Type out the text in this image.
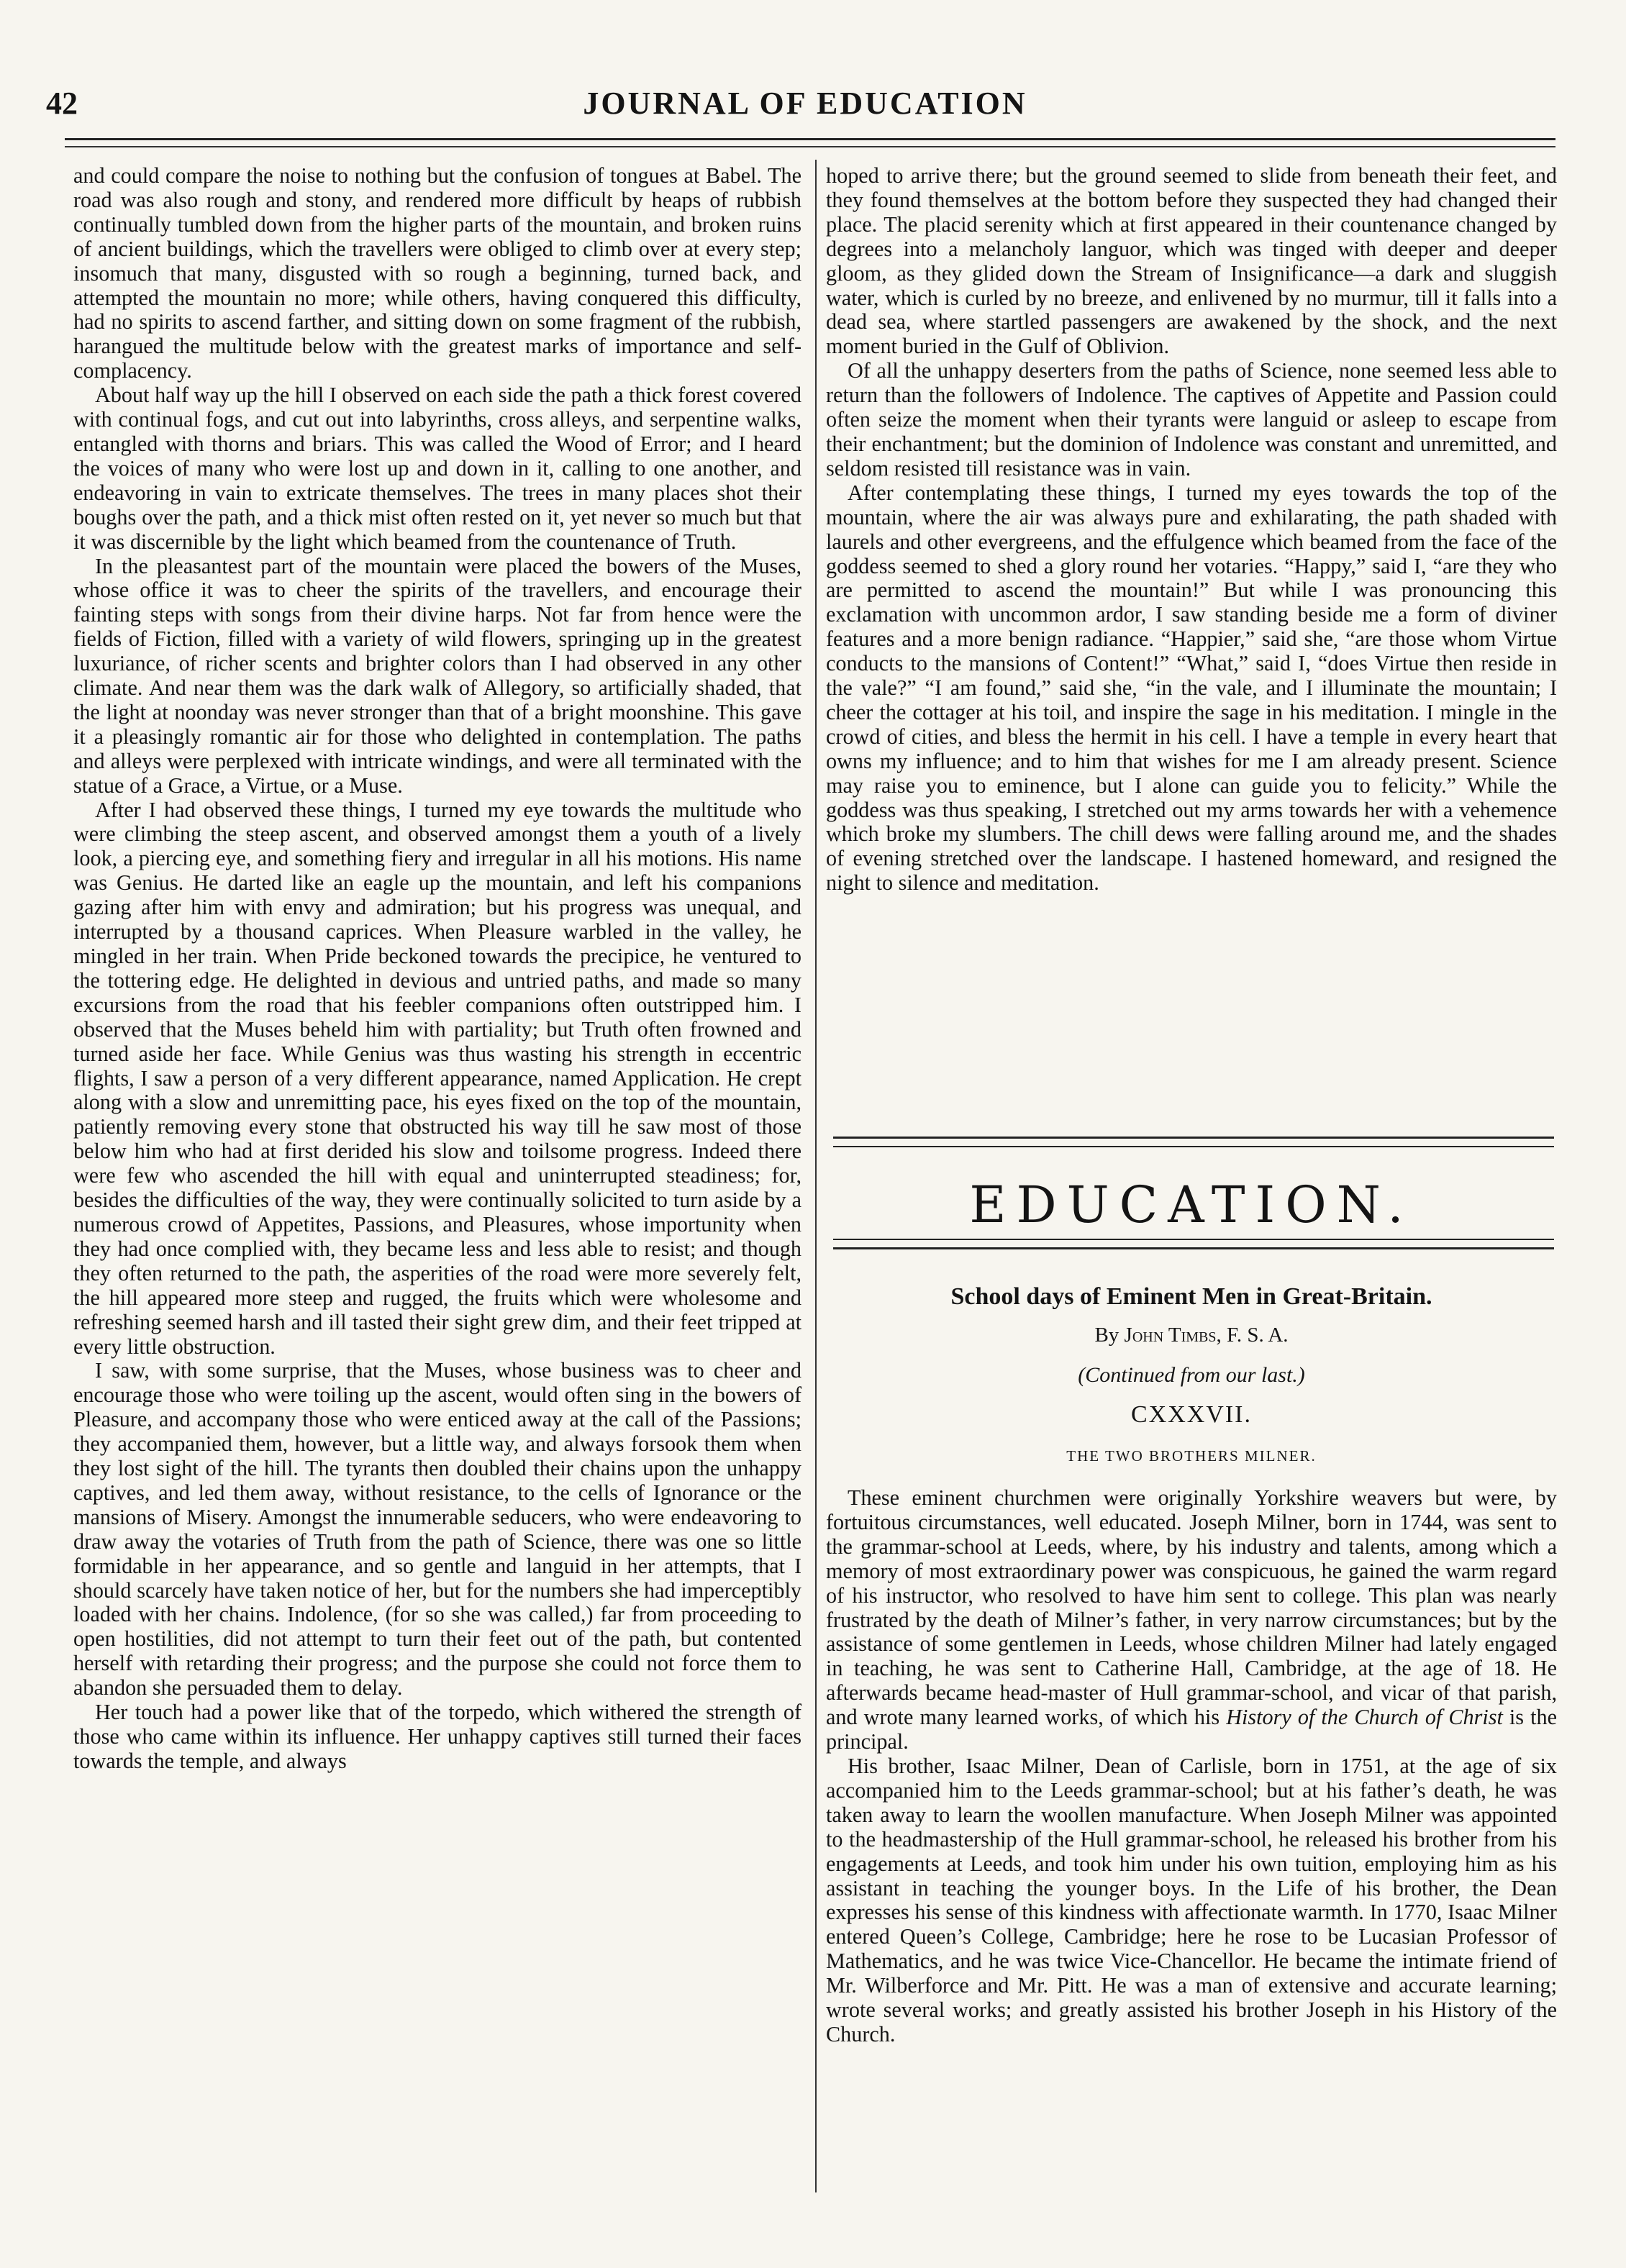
42	JOURNAL OF EDUCATION

and could compare the noise to nothing but the confusion of tongues at Babel. The road was also rough and stony, and rendered more difficult by heaps of rubbish continually tumbled down from the higher parts of the mountain, and broken ruins of ancient buildings, which the travellers were obliged to climb over at every step; insomuch that many, disgusted with so rough a beginning, turned back, and attempted the mountain no more; while others, having conquered this difficulty, had no spirits to ascend farther, and sitting down on some fragment of the rubbish, harangued the multitude below with the greatest marks of importance and self-complacency.

About half way up the hill I observed on each side the path a thick forest covered with continual fogs, and cut out into labyrinths, cross alleys, and serpentine walks, entangled with thorns and briars. This was called the Wood of Error; and I heard the voices of many who were lost up and down in it, calling to one another, and endeavoring in vain to extricate themselves. The trees in many places shot their boughs over the path, and a thick mist often rested on it, yet never so much but that it was discernible by the light which beamed from the countenance of Truth.

In the pleasantest part of the mountain were placed the bowers of the Muses, whose office it was to cheer the spirits of the travellers, and encourage their fainting steps with songs from their divine harps. Not far from hence were the fields of Fiction, filled with a variety of wild flowers, springing up in the greatest luxuriance, of richer scents and brighter colors than I had observed in any other climate. And near them was the dark walk of Allegory, so artificially shaded, that the light at noonday was never stronger than that of a bright moonshine. This gave it a pleasingly romantic air for those who delighted in contemplation. The paths and alleys were perplexed with intricate windings, and were all terminated with the statue of a Grace, a Virtue, or a Muse.

After I had observed these things, I turned my eye towards the multitude who were climbing the steep ascent, and observed amongst them a youth of a lively look, a piercing eye, and something fiery and irregular in all his motions. His name was Genius. He darted like an eagle up the mountain, and left his companions gazing after him with envy and admiration; but his progress was unequal, and interrupted by a thousand caprices. When Pleasure warbled in the valley, he mingled in her train. When Pride beckoned towards the precipice, he ventured to the tottering edge. He delighted in devious and untried paths, and made so many excursions from the road that his feebler companions often outstripped him. I observed that the Muses beheld him with partiality; but Truth often frowned and turned aside her face. While Genius was thus wasting his strength in eccentric flights, I saw a person of a very different appearance, named Application. He crept along with a slow and unremitting pace, his eyes fixed on the top of the mountain, patiently removing every stone that obstructed his way till he saw most of those below him who had at first derided his slow and toilsome progress. Indeed there were few who ascended the hill with equal and uninterrupted steadiness; for, besides the difficulties of the way, they were continually solicited to turn aside by a numerous crowd of Appetites, Passions, and Pleasures, whose importunity when they had once complied with, they became less and less able to resist; and though they often returned to the path, the asperities of the road were more severely felt, the hill appeared more steep and rugged, the fruits which were wholesome and refreshing seemed harsh and ill tasted their sight grew dim, and their feet tripped at every little obstruction.

I saw, with some surprise, that the Muses, whose business was to cheer and encourage those who were toiling up the ascent, would often sing in the bowers of Pleasure, and accompany those who were enticed away at the call of the Passions; they accompanied them, however, but a little way, and always forsook them when they lost sight of the hill. The tyrants then doubled their chains upon the unhappy captives, and led them away, without resistance, to the cells of Ignorance or the mansions of Misery. Amongst the innumerable seducers, who were endeavoring to draw away the votaries of Truth from the path of Science, there was one so little formidable in her appearance, and so gentle and languid in her attempts, that I should scarcely have taken notice of her, but for the numbers she had imperceptibly loaded with her chains. Indolence, (for so she was called,) far from proceeding to open hostilities, did not attempt to turn their feet out of the path, but contented herself with retarding their progress; and the purpose she could not force them to abandon she persuaded them to delay.

Her touch had a power like that of the torpedo, which withered the strength of those who came within its influence. Her unhappy captives still turned their faces towards the temple, and always

hoped to arrive there; but the ground seemed to slide from beneath their feet, and they found themselves at the bottom before they suspected they had changed their place. The placid serenity which at first appeared in their countenance changed by degrees into a melancholy languor, which was tinged with deeper and deeper gloom, as they glided down the Stream of Insignificance—a dark and sluggish water, which is curled by no breeze, and enlivened by no murmur, till it falls into a dead sea, where startled passengers are awakened by the shock, and the next moment buried in the Gulf of Oblivion.

Of all the unhappy deserters from the paths of Science, none seemed less able to return than the followers of Indolence. The captives of Appetite and Passion could often seize the moment when their tyrants were languid or asleep to escape from their enchantment; but the dominion of Indolence was constant and unremitted, and seldom resisted till resistance was in vain.

After contemplating these things, I turned my eyes towards the top of the mountain, where the air was always pure and exhilarating, the path shaded with laurels and other evergreens, and the effulgence which beamed from the face of the goddess seemed to shed a glory round her votaries. “Happy,” said I, “are they who are permitted to ascend the mountain!” But while I was pronouncing this exclamation with uncommon ardor, I saw standing beside me a form of diviner features and a more benign radiance. “Happier,” said she, “are those whom Virtue conducts to the mansions of Content!” “What,” said I, “does Virtue then reside in the vale?” “I am found,” said she, “in the vale, and I illuminate the mountain; I cheer the cottager at his toil, and inspire the sage in his meditation. I mingle in the crowd of cities, and bless the hermit in his cell. I have a temple in every heart that owns my influence; and to him that wishes for me I am already present. Science may raise you to eminence, but I alone can guide you to felicity.” While the goddess was thus speaking, I stretched out my arms towards her with a vehemence which broke my slumbers. The chill dews were falling around me, and the shades of evening stretched over the landscape. I hastened homeward, and resigned the night to silence and meditation.

EDUCATION.
School days of Eminent Men in Great-Britain.
By John Timbs, F. S. A.
(Continued from our last.)
CXXXVII.
THE TWO BROTHERS MILNER.

These eminent churchmen were originally Yorkshire weavers but were, by fortuitous circumstances, well educated. Joseph Milner, born in 1744, was sent to the grammar-school at Leeds, where, by his industry and talents, among which a memory of most extraordinary power was conspicuous, he gained the warm regard of his instructor, who resolved to have him sent to college. This plan was nearly frustrated by the death of Milner’s father, in very narrow circumstances; but by the assistance of some gentlemen in Leeds, whose children Milner had lately engaged in teaching, he was sent to Catherine Hall, Cambridge, at the age of 18. He afterwards became head-master of Hull grammar-school, and vicar of that parish, and wrote many learned works, of which his History of the Church of Christ is the principal.

His brother, Isaac Milner, Dean of Carlisle, born in 1751, at the age of six accompanied him to the Leeds grammar-school; but at his father’s death, he was taken away to learn the woollen manufacture. When Joseph Milner was appointed to the headmastership of the Hull grammar-school, he released his brother from his engagements at Leeds, and took him under his own tuition, employing him as his assistant in teaching the younger boys. In the Life of his brother, the Dean expresses his sense of this kindness with affectionate warmth. In 1770, Isaac Milner entered Queen’s College, Cambridge; here he rose to be Lucasian Professor of Mathematics, and he was twice Vice-Chancellor. He became the intimate friend of Mr. Wilberforce and Mr. Pitt. He was a man of extensive and accurate learning; wrote several works; and greatly assisted his brother Joseph in his History of the Church.
